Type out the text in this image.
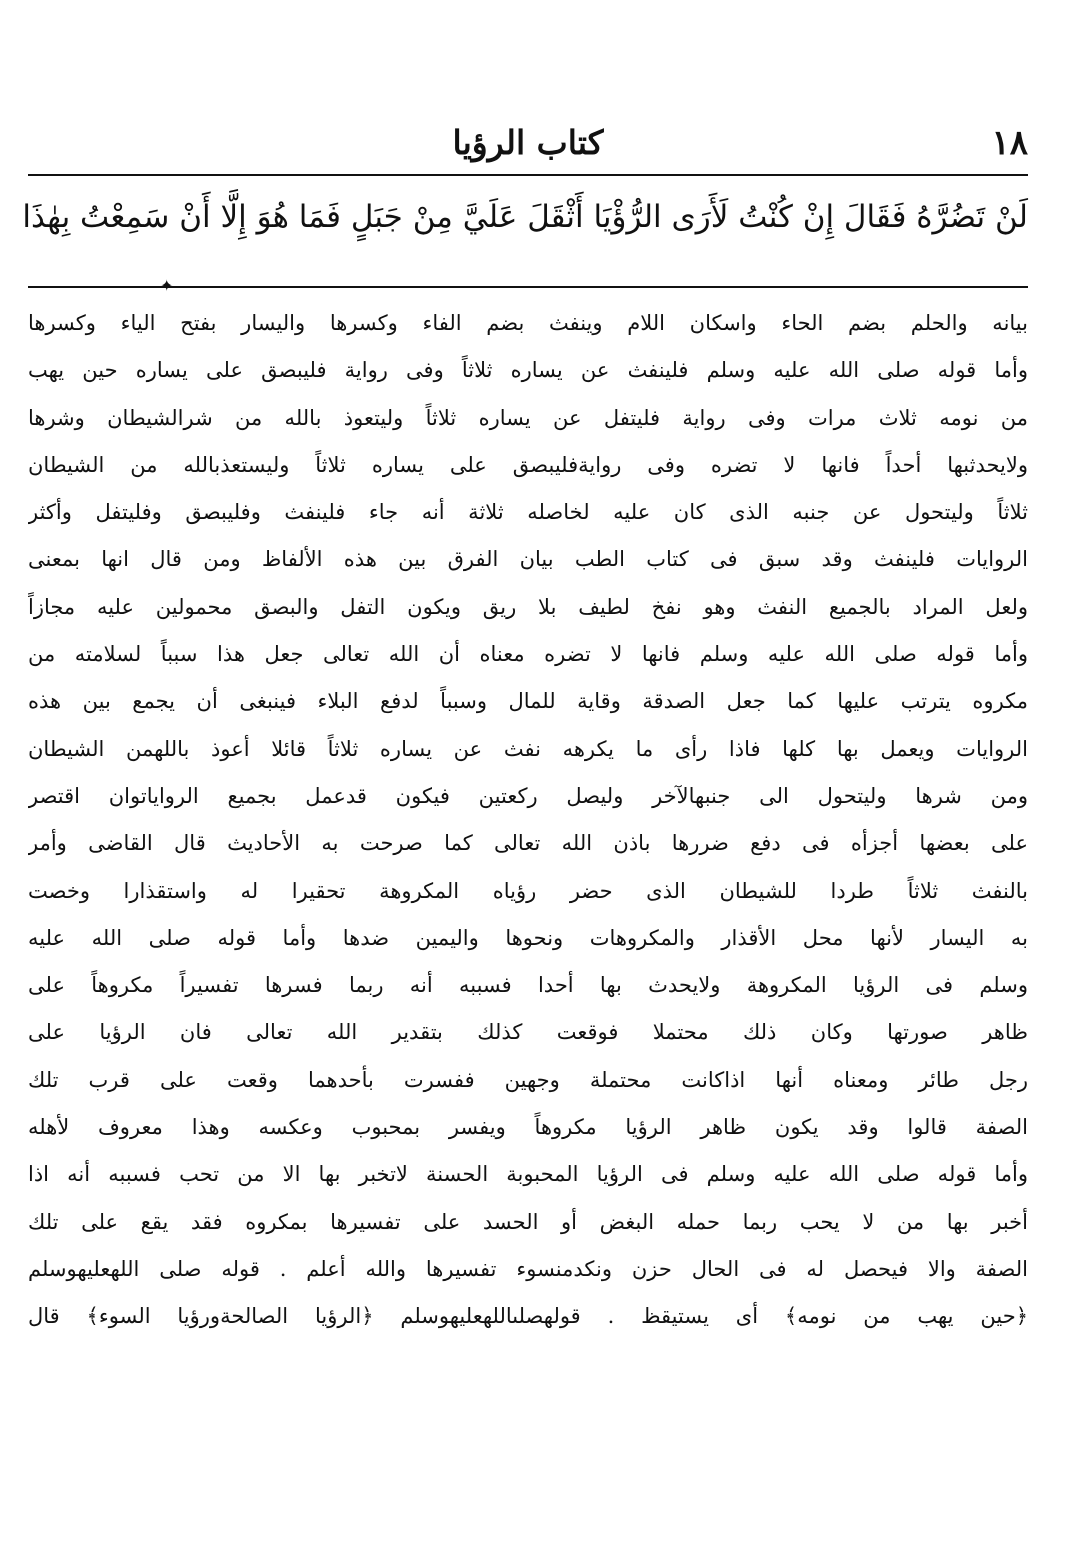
١٨
كتاب الرؤيا
لَنْ تَضُرَّهُ فَقَالَ إِنْ كُنْتُ لَأَرَى الرُّؤْيَا أَثْقَلَ عَلَيَّ مِنْ جَبَلٍ فَمَا هُوَ إِلَّا أَنْ سَمِعْتُ بِهٰذَا
✦
بيانه والحلم بضم الحاء واسكان اللام وينفث بضم الفاء وكسرها واليسار بفتح الياء وكسرها
وأما قوله صلى الله عليه وسلم فلينفث عن يساره ثلاثاً وفى رواية فليبصق على يساره حين يهب
من نومه ثلاث مرات وفى رواية فليتفل عن يساره ثلاثاً وليتعوذ بالله من شرالشيطان وشرها
ولايحدثبها أحداً فانها لا تضره وفى روايةفليبصق على يساره ثلاثاً وليستعذبالله من الشيطان
ثلاثاً وليتحول عن جنبه الذى كان عليه لخاصله ثلاثة أنه جاء فلينفث وفليبصق وفليتفل وأكثر
الروايات فلينفث وقد سبق فى كتاب الطب بيان الفرق بين هذه الألفاظ ومن قال انها بمعنى
ولعل المراد بالجميع النفث وهو نفخ لطيف بلا ريق ويكون التفل والبصق محمولين عليه مجازاً
وأما قوله صلى الله عليه وسلم فانها لا تضره معناه أن الله تعالى جعل هذا سبباً لسلامته من
مكروه يترتب عليها كما جعل الصدقة وقاية للمال وسبباً لدفع البلاء فينبغى أن يجمع بين هذه
الروايات ويعمل بها كلها فاذا رأى ما يكرهه نفث عن يساره ثلاثاً قائلا أعوذ باللهمن الشيطان
ومن شرها وليتحول الى جنبهالآخر وليصل ركعتين فيكون قدعمل بجميع الرواياتوان اقتصر
على بعضها أجزأه فى دفع ضررها باذن الله تعالى كما صرحت به الأحاديث قال القاضى وأمر
بالنفث ثلاثاً طردا للشيطان الذى حضر رؤياه المكروهة تحقيرا له واستقذارا وخصت
به اليسار لأنها محل الأقذار والمكروهات ونحوها واليمين ضدها وأما قوله صلى الله عليه
وسلم فى الرؤيا المكروهة ولايحدث بها أحدا فسببه أنه ربما فسرها تفسيراً مكروهاً على
ظاهر صورتها وكان ذلك محتملا فوقعت كذلك بتقدير الله تعالى فان الرؤيا على
رجل طائر ومعناه أنها اذاكانت محتملة وجهين ففسرت بأحدهما وقعت على قرب تلك
الصفة قالوا وقد يكون ظاهر الرؤيا مكروهاً ويفسر بمحبوب وعكسه وهذا معروف لأهله
وأما قوله صلى الله عليه وسلم فى الرؤيا المحبوبة الحسنة لاتخبر بها الا من تحب فسببه أنه اذا
أخبر بها من لا يحب ربما حمله البغض أو الحسد على تفسيرها بمكروه فقد يقع على تلك
الصفة والا فيحصل له فى الحال حزن ونكدمنسوء تفسيرها والله أعلم . قوله صلى اللهعليهوسلم
﴿حين يهب من نومه﴾ أى يستيقظ . قولهصلىاللهعليهوسلم ﴿الرؤيا الصالحةورؤيا السوء﴾ قال
